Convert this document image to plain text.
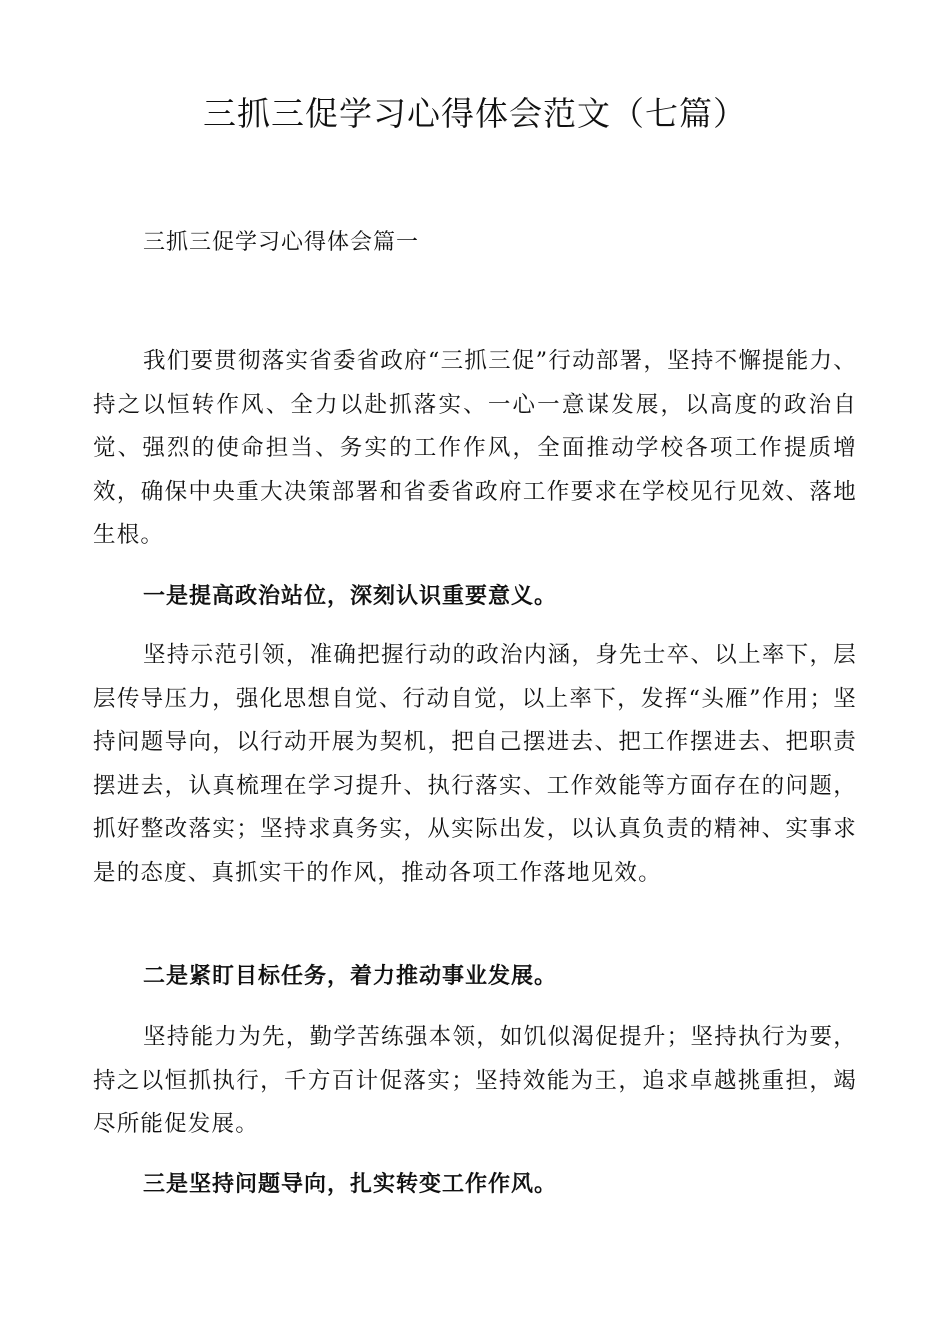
三抓三促学习心得体会范文（七篇）

三抓三促学习心得体会篇一

我们要贯彻落实省委省政府“三抓三促”行动部署，坚持不懈提能力、持之以恒转作风、全力以赴抓落实、一心一意谋发展，以高度的政治自觉、强烈的使命担当、务实的工作作风，全面推动学校各项工作提质增效，确保中央重大决策部署和省委省政府工作要求在学校见行见效、落地生根。

一是提高政治站位，深刻认识重要意义。

坚持示范引领，准确把握行动的政治内涵，身先士卒、以上率下，层层传导压力，强化思想自觉、行动自觉，以上率下，发挥“头雁”作用；坚持问题导向，以行动开展为契机，把自己摆进去、把工作摆进去、把职责摆进去，认真梳理在学习提升、执行落实、工作效能等方面存在的问题，抓好整改落实；坚持求真务实，从实际出发，以认真负责的精神、实事求是的态度、真抓实干的作风，推动各项工作落地见效。

二是紧盯目标任务，着力推动事业发展。

坚持能力为先，勤学苦练强本领，如饥似渴促提升；坚持执行为要，持之以恒抓执行，千方百计促落实；坚持效能为王，追求卓越挑重担，竭尽所能促发展。

三是坚持问题导向，扎实转变工作作风。
